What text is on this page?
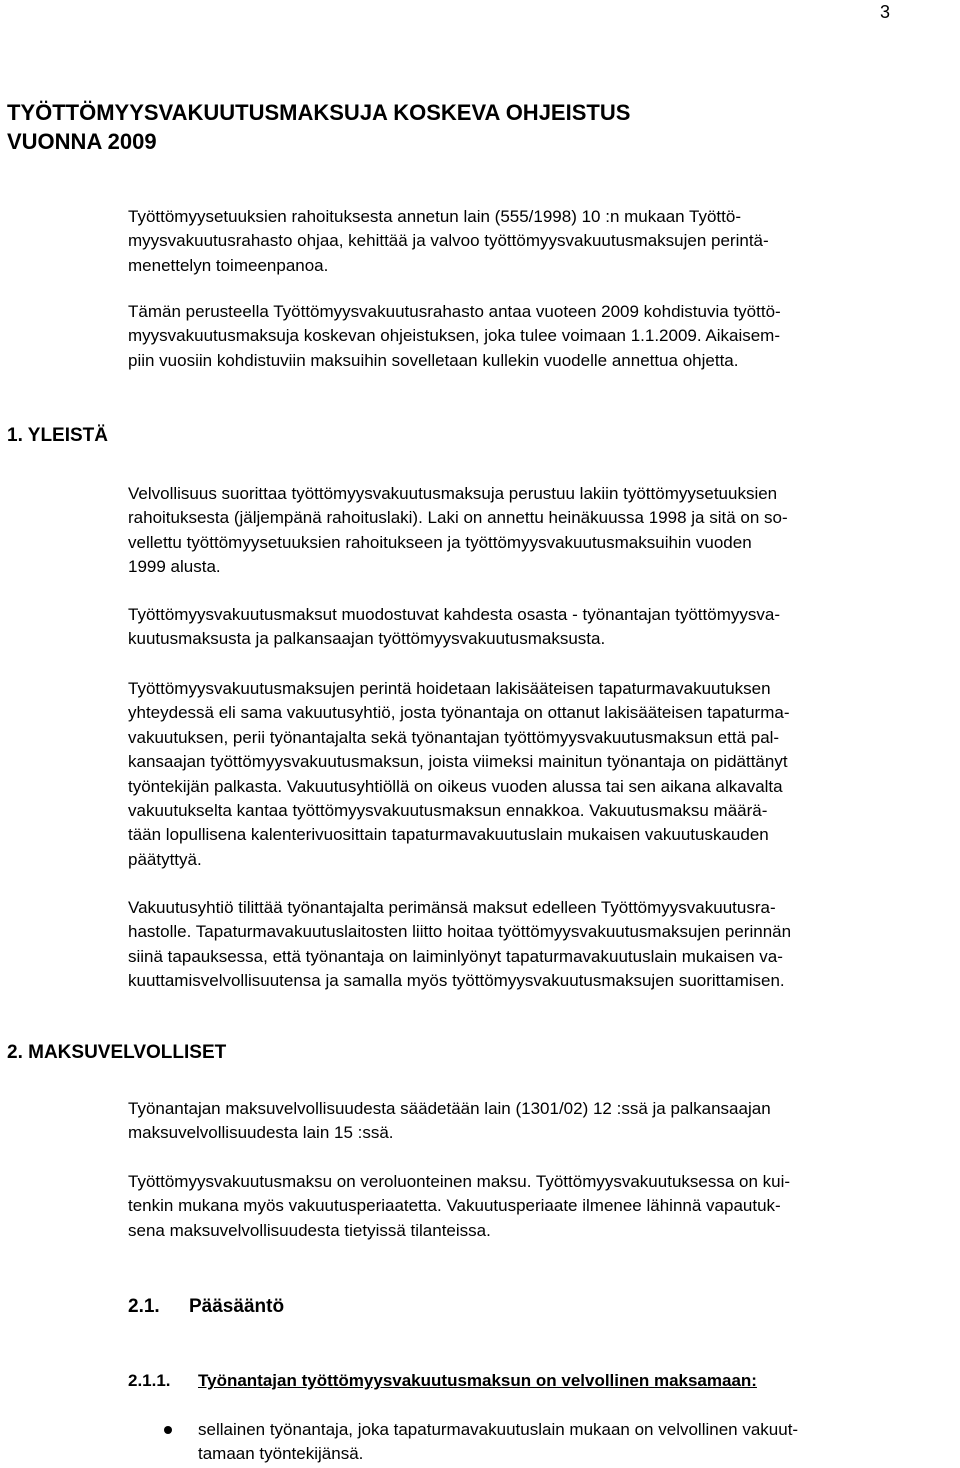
3
TYÖTTÖMYYSVAKUUTUSMAKSUJA KOSKEVA OHJEISTUS
VUONNA 2009

Työttömyysetuuksien rahoituksesta annetun lain (555/1998) 10 :n mukaan Työttö-
myysvakuutusrahasto ohjaa, kehittää ja valvoo työttömyysvakuutusmaksujen perintä-
menettelyn toimeenpanoa.

Tämän perusteella Työttömyysvakuutusrahasto antaa vuoteen 2009 kohdistuvia työttö-
myysvakuutusmaksuja koskevan ohjeistuksen, joka tulee voimaan 1.1.2009. Aikaisem-
piin vuosiin kohdistuviin maksuihin sovelletaan kullekin vuodelle annettua ohjetta.

1. YLEISTÄ

Velvollisuus suorittaa työttömyysvakuutusmaksuja perustuu lakiin työttömyysetuuksien
rahoituksesta (jäljempänä rahoituslaki). Laki on annettu heinäkuussa 1998 ja sitä on so-
vellettu työttömyysetuuksien rahoitukseen ja työttömyysvakuutusmaksuihin vuoden
1999 alusta.

Työttömyysvakuutusmaksut muodostuvat kahdesta osasta - työnantajan työttömyysva-
kuutusmaksusta ja palkansaajan työttömyysvakuutusmaksusta.

Työttömyysvakuutusmaksujen perintä hoidetaan lakisääteisen tapaturmavakuutuksen
yhteydessä eli sama vakuutusyhtiö, josta työnantaja on ottanut lakisääteisen tapaturma-
vakuutuksen, perii työnantajalta sekä työnantajan työttömyysvakuutusmaksun että pal-
kansaajan työttömyysvakuutusmaksun, joista viimeksi mainitun työnantaja on pidättänyt
työntekijän palkasta. Vakuutusyhtiöllä on oikeus vuoden alussa tai sen aikana alkavalta
vakuutukselta kantaa työttömyysvakuutusmaksun ennakkoa. Vakuutusmaksu määrä-
tään lopullisena kalenterivuosittain tapaturmavakuutuslain mukaisen vakuutuskauden
päätyttyä.

Vakuutusyhtiö tilittää työnantajalta perimänsä maksut edelleen Työttömyysvakuutusra-
hastolle. Tapaturmavakuutuslaitosten liitto hoitaa työttömyysvakuutusmaksujen perinnän
siinä tapauksessa, että työnantaja on laiminlyönyt tapaturmavakuutuslain mukaisen va-
kuuttamisvelvollisuutensa ja samalla myös työttömyysvakuutusmaksujen suorittamisen.

2. MAKSUVELVOLLISET

Työnantajan maksuvelvollisuudesta säädetään lain (1301/02) 12 :ssä ja palkansaajan
maksuvelvollisuudesta lain 15 :ssä.

Työttömyysvakuutusmaksu on veroluonteinen maksu. Työttömyysvakuutuksessa on kui-
tenkin mukana myös vakuutusperiaatetta. Vakuutusperiaate ilmenee lähinnä vapautuk-
sena maksuvelvollisuudesta tietyissä tilanteissa.

2.1. Pääsääntö
2.1.1. Työnantajan työttömyysvakuutusmaksun on velvollinen maksamaan:
sellainen työnantaja, joka tapaturmavakuutuslain mukaan on velvollinen vakuut-
tamaan työntekijänsä.
